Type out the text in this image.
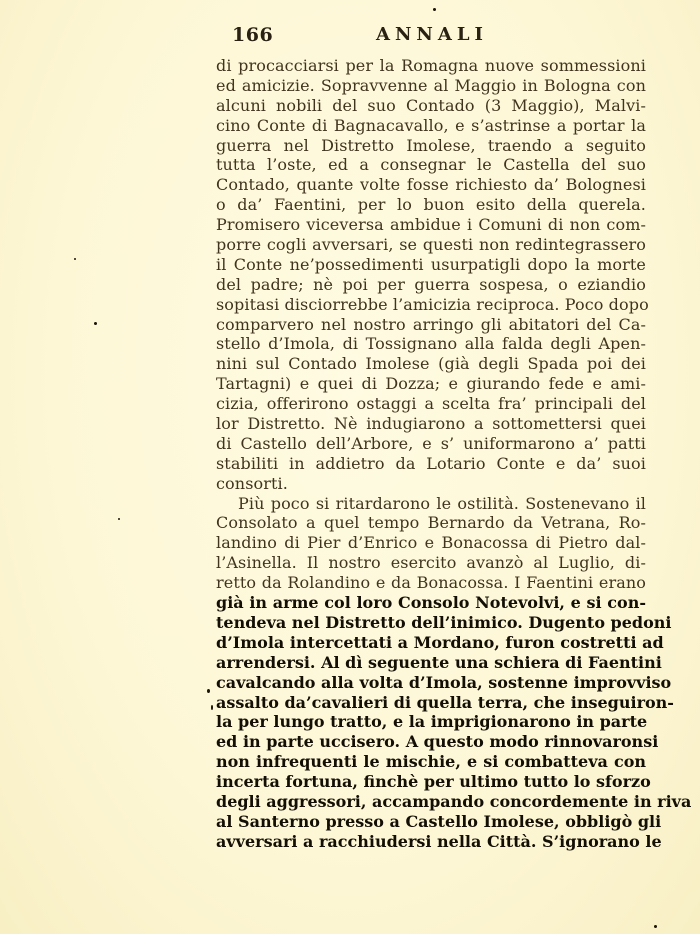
166	ANNALI
di procacciarsi per la Romagna nuove sommessioni
ed amicizie. Sopravvenne al Maggio in Bologna con
alcuni nobili del suo Contado (3 Maggio), Malvi-
cino Conte di Bagnacavallo, e s’astrinse a portar la
guerra nel Distretto Imolese, traendo a seguito
tutta l’oste, ed a consegnar le Castella del suo
Contado, quante volte fosse richiesto da’ Bolognesi
o da’ Faentini, per lo buon esito della querela.
Promisero viceversa ambidue i Comuni di non com-
porre cogli avversari, se questi non redintegrassero
il Conte ne’possedimenti usurpatigli dopo la morte
del padre; nè poi per guerra sospesa, o eziandio
sopitasi disciorrebbe l’amicizia reciproca. Poco dopo
comparvero nel nostro arringo gli abitatori del Ca-
stello d’Imola, di Tossignano alla falda degli Apen-
nini sul Contado Imolese (già degli Spada poi dei
Tartagni) e quei di Dozza; e giurando fede e ami-
cizia, offerirono ostaggi a scelta fra’ principali del
lor Distretto. Nè indugiarono a sottomettersi quei
di Castello dell’Arbore, e s’ uniformarono a’ patti
stabiliti in addietro da Lotario Conte e da’ suoi
consorti.
Più poco si ritardarono le ostilità. Sostenevano il
Consolato a quel tempo Bernardo da Vetrana, Ro-
landino di Pier d’Enrico e Bonacossa di Pietro dal-
l’Asinella. Il nostro esercito avanzò al Luglio, di-
retto da Rolandino e da Bonacossa. I Faentini erano
già in arme col loro Consolo Notevolvi, e si con-
tendeva nel Distretto dell’inimico. Dugento pedoni
d’Imola intercettati a Mordano, furon costretti ad
arrendersi. Al dì seguente una schiera di Faentini
cavalcando alla volta d’Imola, sostenne improvviso
assalto da’cavalieri di quella terra, che inseguiron-
la per lungo tratto, e la imprigionarono in parte
ed in parte uccisero. A questo modo rinnovaronsi
non infrequenti le mischie, e si combatteva con
incerta fortuna, finchè per ultimo tutto lo sforzo
degli aggressori, accampando concordemente in riva
al Santerno presso a Castello Imolese, obbligò gli
avversari a racchiudersi nella Città. S’ignorano le
